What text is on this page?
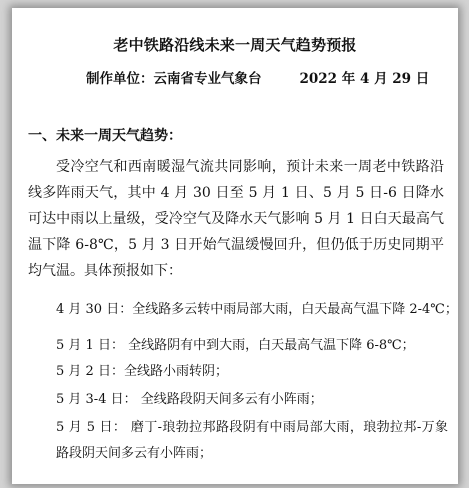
老中铁路沿线未来一周天气趋势预报
制作单位：云南省专业气象台	2022 年 4 月 29 日
一、未来一周天气趋势：

受冷空气和西南暖湿气流共同影响，预计未来一周老中铁路沿线多阵雨天气，其中 4 月 30 日至 5 月 1 日、5 月 5 日-6 日降水可达中雨以上量级，受冷空气及降水天气影响 5 月 1 日白天最高气温下降 6-8℃，5 月 3 日开始气温缓慢回升，但仍低于历史同期平均气温。具体预报如下：

4 月 30 日：全线路多云转中雨局部大雨，白天最高气温下降 2-4℃；

5 月 1 日： 全线路阴有中到大雨，白天最高气温下降 6-8℃；

5 月 2 日：全线路小雨转阴；

5 月 3-4 日： 全线路段阴天间多云有小阵雨；

5 月 5 日： 磨丁-琅勃拉邦路段阴有中雨局部大雨，琅勃拉邦-万象路段阴天间多云有小阵雨；
